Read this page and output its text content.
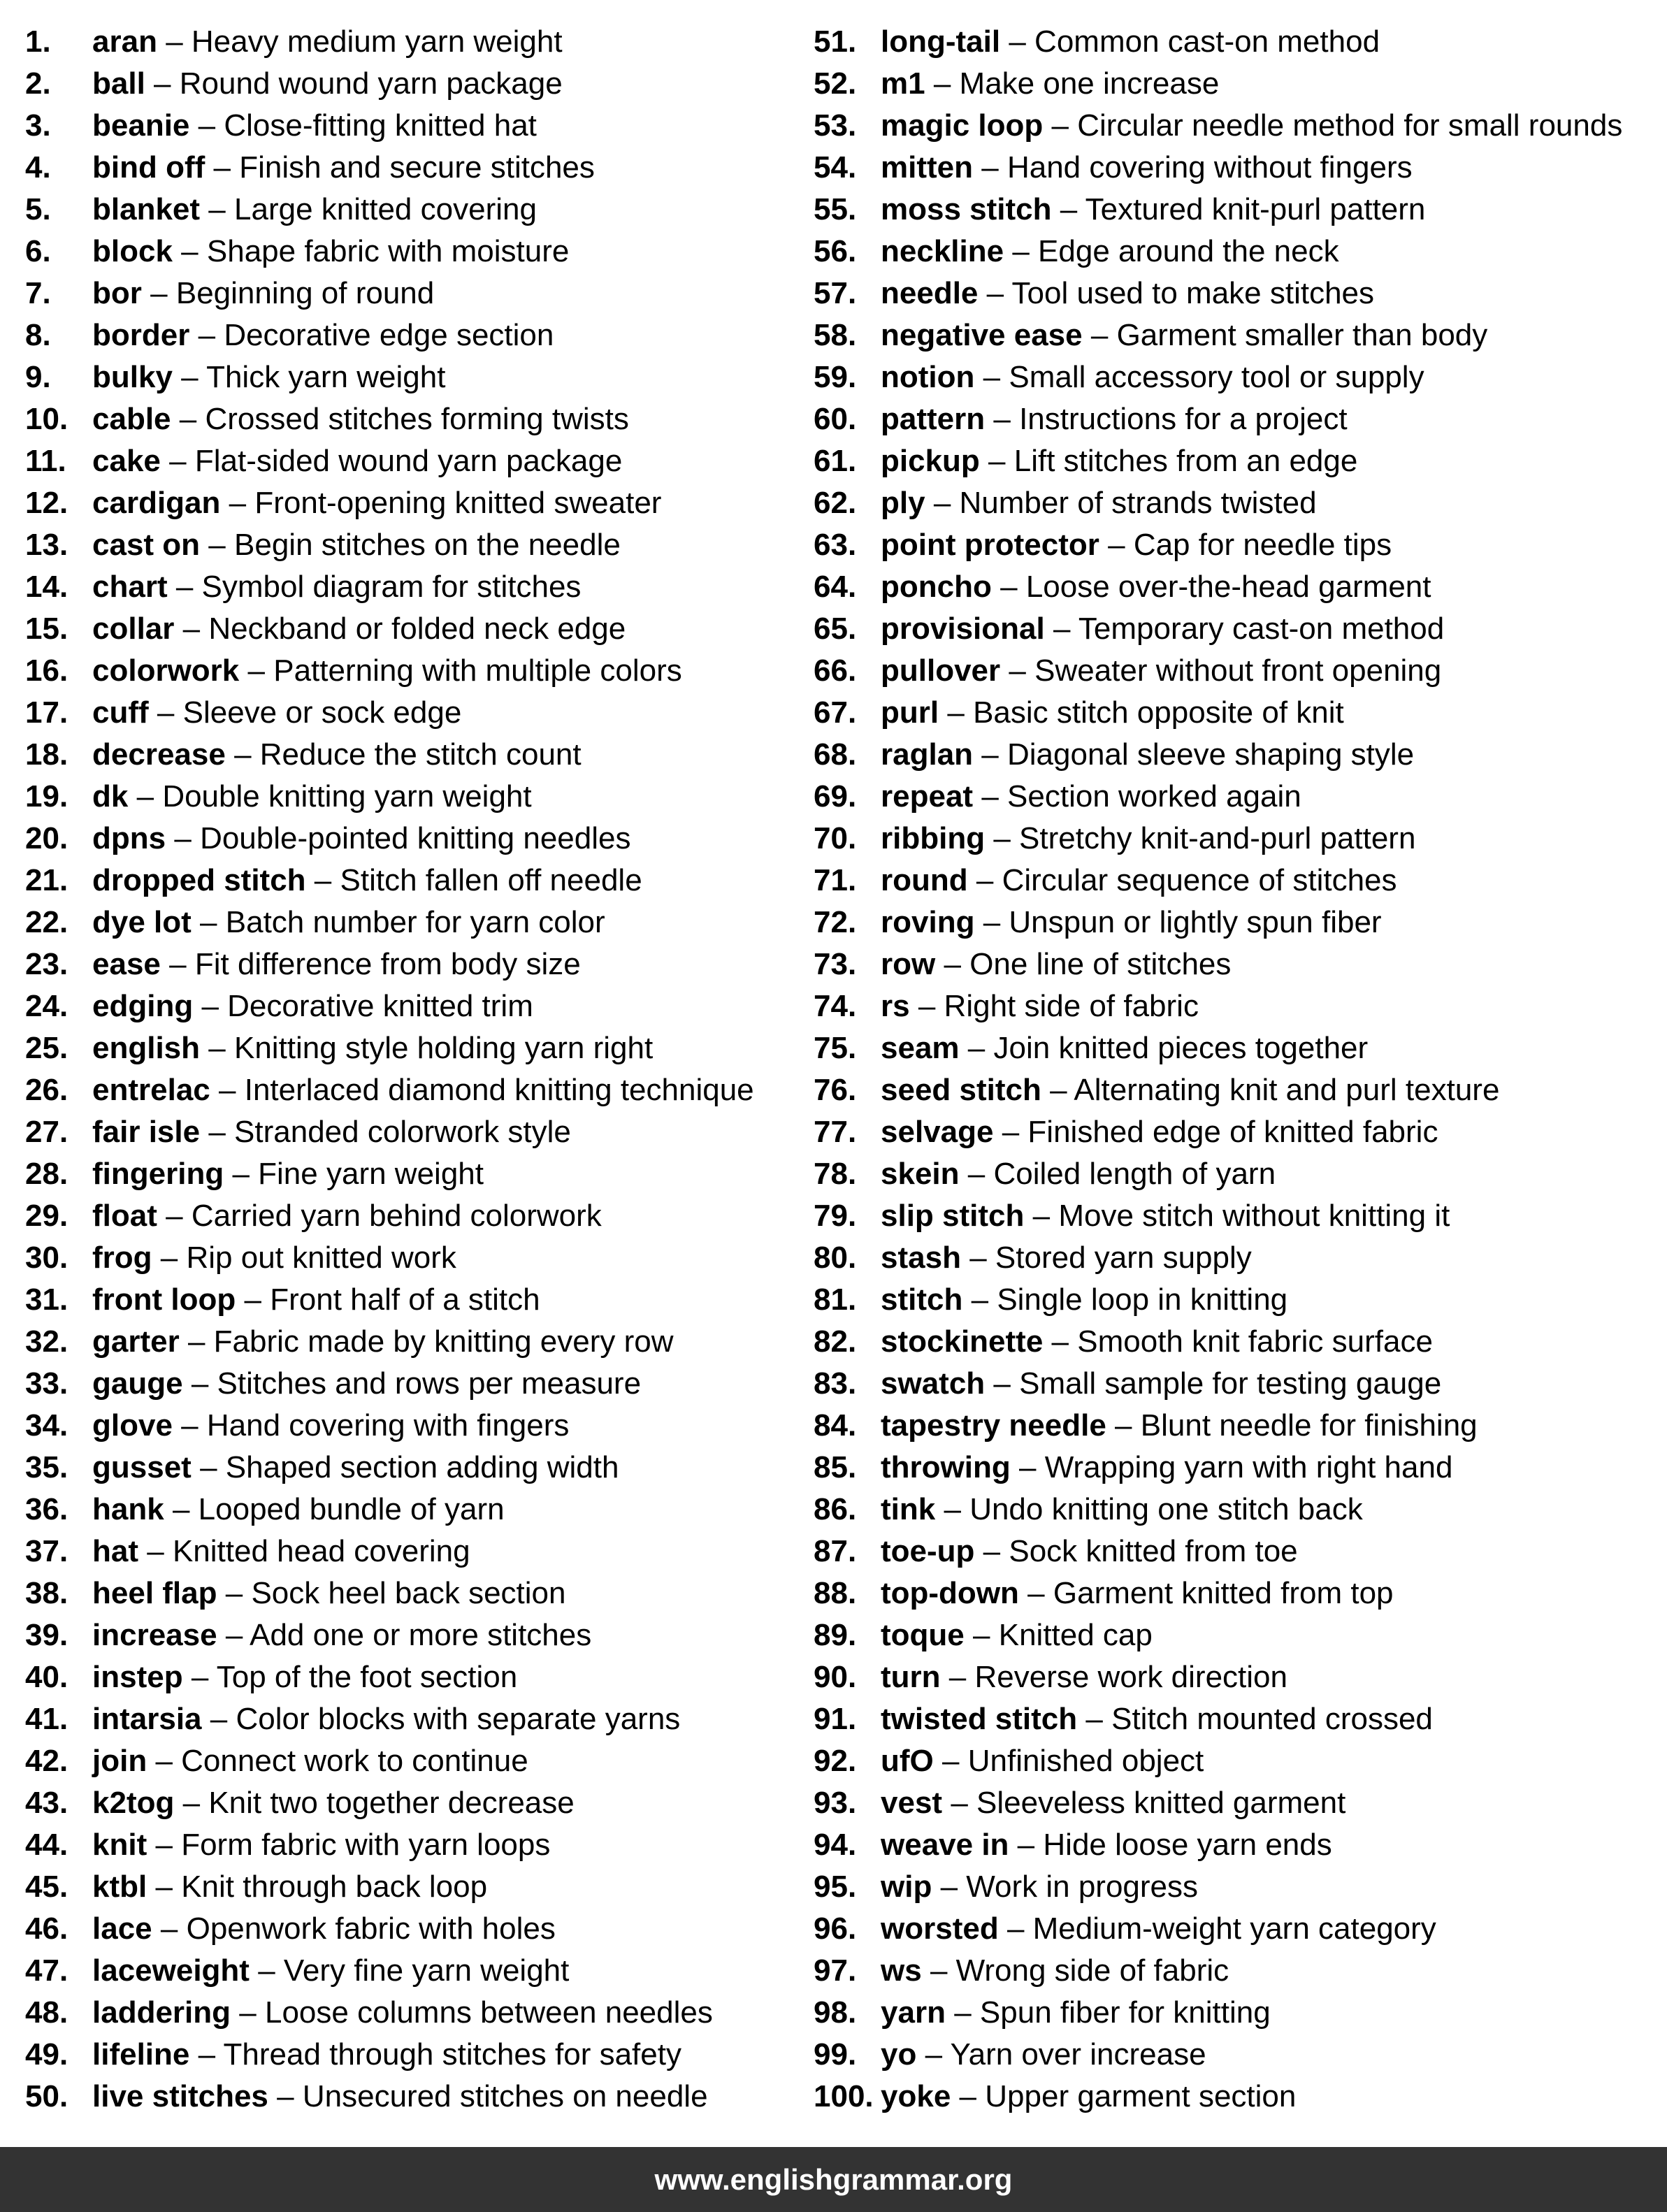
1. aran – Heavy medium yarn weight
2. ball – Round wound yarn package
3. beanie – Close-fitting knitted hat
4. bind off – Finish and secure stitches
5. blanket – Large knitted covering
6. block – Shape fabric with moisture
7. bor – Beginning of round
8. border – Decorative edge section
9. bulky – Thick yarn weight
10. cable – Crossed stitches forming twists
11. cake – Flat-sided wound yarn package
12. cardigan – Front-opening knitted sweater
13. cast on – Begin stitches on the needle
14. chart – Symbol diagram for stitches
15. collar – Neckband or folded neck edge
16. colorwork – Patterning with multiple colors
17. cuff – Sleeve or sock edge
18. decrease – Reduce the stitch count
19. dk – Double knitting yarn weight
20. dpns – Double-pointed knitting needles
21. dropped stitch – Stitch fallen off needle
22. dye lot – Batch number for yarn color
23. ease – Fit difference from body size
24. edging – Decorative knitted trim
25. english – Knitting style holding yarn right
26. entrelac – Interlaced diamond knitting technique
27. fair isle – Stranded colorwork style
28. fingering – Fine yarn weight
29. float – Carried yarn behind colorwork
30. frog – Rip out knitted work
31. front loop – Front half of a stitch
32. garter – Fabric made by knitting every row
33. gauge – Stitches and rows per measure
34. glove – Hand covering with fingers
35. gusset – Shaped section adding width
36. hank – Looped bundle of yarn
37. hat – Knitted head covering
38. heel flap – Sock heel back section
39. increase – Add one or more stitches
40. instep – Top of the foot section
41. intarsia – Color blocks with separate yarns
42. join – Connect work to continue
43. k2tog – Knit two together decrease
44. knit – Form fabric with yarn loops
45. ktbl – Knit through back loop
46. lace – Openwork fabric with holes
47. laceweight – Very fine yarn weight
48. laddering – Loose columns between needles
49. lifeline – Thread through stitches for safety
50. live stitches – Unsecured stitches on needle
51. long-tail – Common cast-on method
52. m1 – Make one increase
53. magic loop – Circular needle method for small rounds
54. mitten – Hand covering without fingers
55. moss stitch – Textured knit-purl pattern
56. neckline – Edge around the neck
57. needle – Tool used to make stitches
58. negative ease – Garment smaller than body
59. notion – Small accessory tool or supply
60. pattern – Instructions for a project
61. pickup – Lift stitches from an edge
62. ply – Number of strands twisted
63. point protector – Cap for needle tips
64. poncho – Loose over-the-head garment
65. provisional – Temporary cast-on method
66. pullover – Sweater without front opening
67. purl – Basic stitch opposite of knit
68. raglan – Diagonal sleeve shaping style
69. repeat – Section worked again
70. ribbing – Stretchy knit-and-purl pattern
71. round – Circular sequence of stitches
72. roving – Unspun or lightly spun fiber
73. row – One line of stitches
74. rs – Right side of fabric
75. seam – Join knitted pieces together
76. seed stitch – Alternating knit and purl texture
77. selvage – Finished edge of knitted fabric
78. skein – Coiled length of yarn
79. slip stitch – Move stitch without knitting it
80. stash – Stored yarn supply
81. stitch – Single loop in knitting
82. stockinette – Smooth knit fabric surface
83. swatch – Small sample for testing gauge
84. tapestry needle – Blunt needle for finishing
85. throwing – Wrapping yarn with right hand
86. tink – Undo knitting one stitch back
87. toe-up – Sock knitted from toe
88. top-down – Garment knitted from top
89. toque – Knitted cap
90. turn – Reverse work direction
91. twisted stitch – Stitch mounted crossed
92. ufO – Unfinished object
93. vest – Sleeveless knitted garment
94. weave in – Hide loose yarn ends
95. wip – Work in progress
96. worsted – Medium-weight yarn category
97. ws – Wrong side of fabric
98. yarn – Spun fiber for knitting
99. yo – Yarn over increase
100. yoke – Upper garment section
www.englishgrammar.org
